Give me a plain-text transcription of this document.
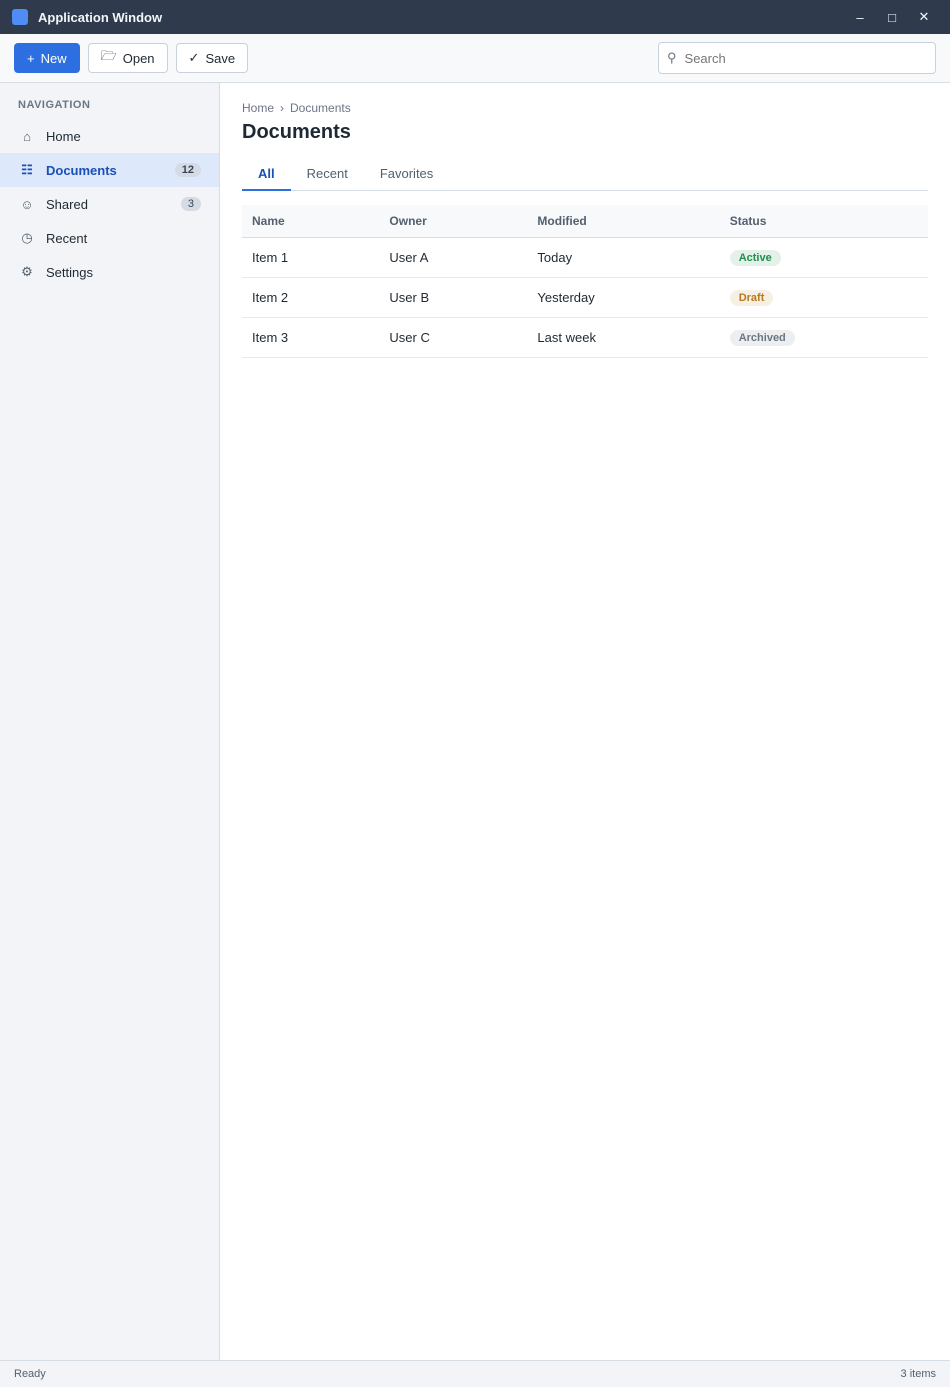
Application Window	–	□	✕
+ New	🗁 Open	✓ Save	⚲
Search
NAVIGATION
⌂	Home
☷ Documents	12
☺ Shared	3
◷ Recent
⚙ Settings
Home › Documents
Documents
All	Recent	Favorites
Name	Owner	Modified	Status
Item 1	User A	Today	Active
Item 2	User B	Yesterday	Draft
Item 3	User C	Last week	Archived
Ready	3 items
